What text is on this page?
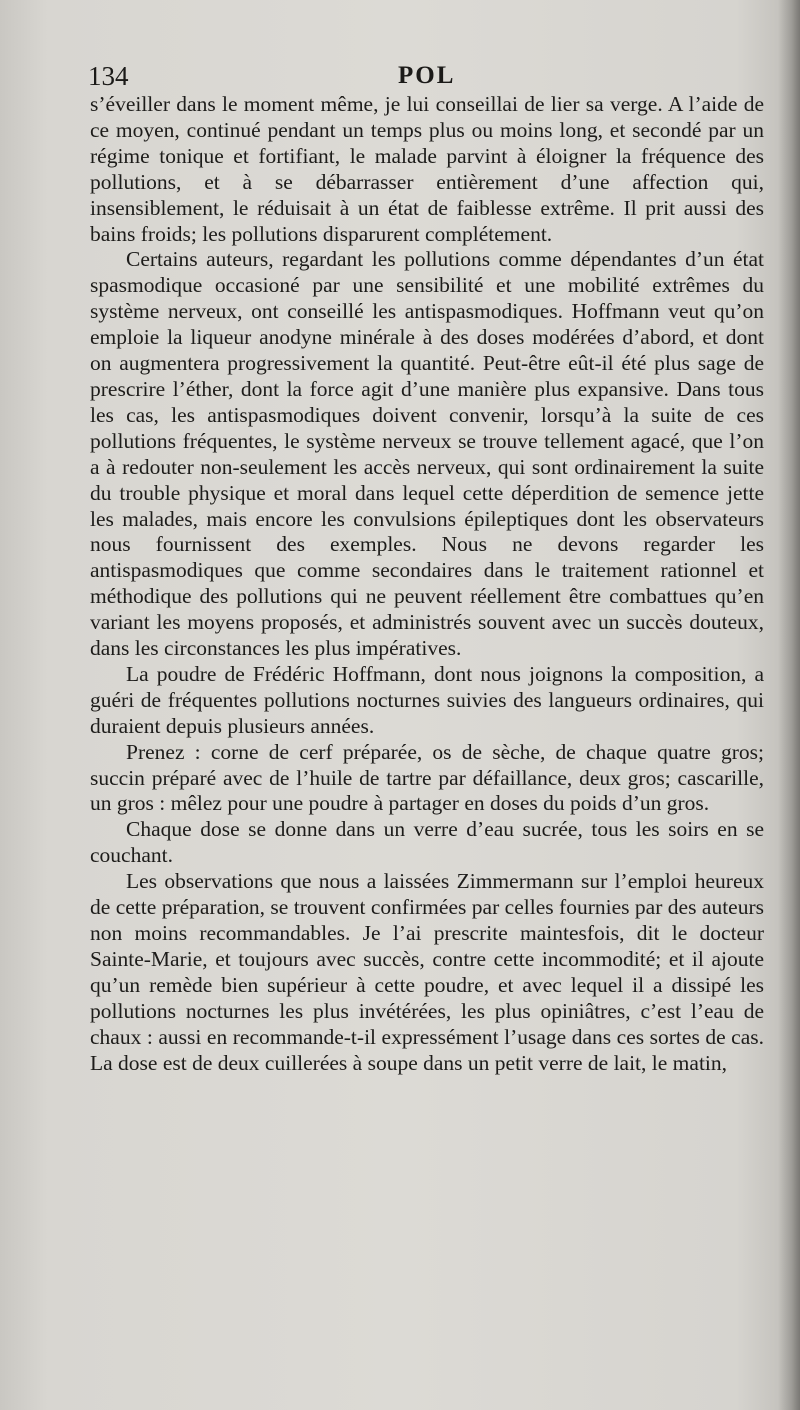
134	POL

s’éveiller dans le moment même, je lui conseillai de lier sa verge. A l’aide de ce moyen, continué pendant un temps plus ou moins long, et secondé par un régime tonique et fortifiant, le malade parvint à éloigner la fréquence des pollutions, et à se débarrasser entièrement d’une affection qui, insensiblement, le réduisait à un état de faiblesse extrême. Il prit aussi des bains froids; les pollutions disparurent complétement.

Certains auteurs, regardant les pollutions comme dépendantes d’un état spasmodique occasioné par une sensibilité et une mobilité extrêmes du système nerveux, ont conseillé les antispasmodiques. Hoffmann veut qu’on emploie la liqueur anodyne minérale à des doses modérées d’abord, et dont on augmentera progressivement la quantité. Peut-être eût-il été plus sage de prescrire l’éther, dont la force agit d’une manière plus expansive. Dans tous les cas, les antispasmodiques doivent convenir, lorsqu’à la suite de ces pollutions fréquentes, le système nerveux se trouve tellement agacé, que l’on a à redouter non-seulement les accès nerveux, qui sont ordinairement la suite du trouble physique et moral dans lequel cette déperdition de semence jette les malades, mais encore les convulsions épileptiques dont les observateurs nous fournissent des exemples. Nous ne devons regarder les antispasmodiques que comme secondaires dans le traitement rationnel et méthodique des pollutions qui ne peuvent réellement être combattues qu’en variant les moyens proposés, et administrés souvent avec un succès douteux, dans les circonstances les plus impératives.

La poudre de Frédéric Hoffmann, dont nous joignons la composition, a guéri de fréquentes pollutions nocturnes suivies des langueurs ordinaires, qui duraient depuis plusieurs années.

Prenez : corne de cerf préparée, os de sèche, de chaque quatre gros; succin préparé avec de l’huile de tartre par défaillance, deux gros; cascarille, un gros : mêlez pour une poudre à partager en doses du poids d’un gros.

Chaque dose se donne dans un verre d’eau sucrée, tous les soirs en se couchant.

Les observations que nous a laissées Zimmermann sur l’emploi heureux de cette préparation, se trouvent confirmées par celles fournies par des auteurs non moins recommandables. Je l’ai prescrite maintesfois, dit le docteur Sainte-Marie, et toujours avec succès, contre cette incommodité; et il ajoute qu’un remède bien supérieur à cette poudre, et avec lequel il a dissipé les pollutions nocturnes les plus invétérées, les plus opiniâtres, c’est l’eau de chaux : aussi en recommande-t-il expressément l’usage dans ces sortes de cas. La dose est de deux cuillerées à soupe dans un petit verre de lait, le matin,
